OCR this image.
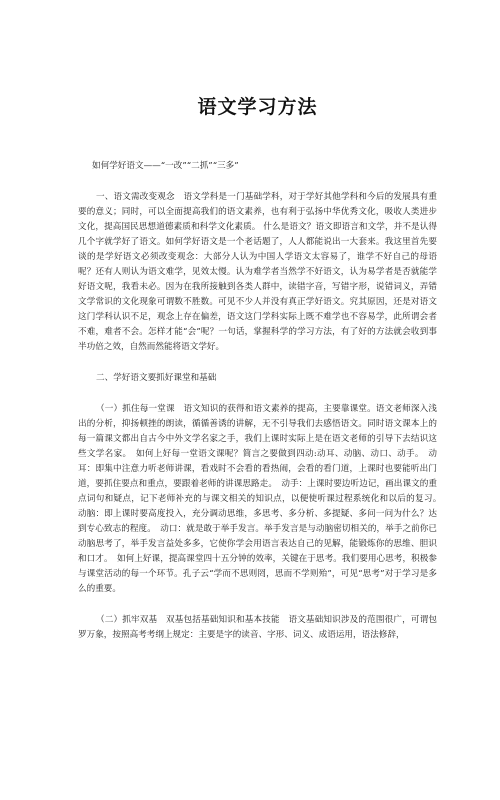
语文学习方法
如何学好语文——“一改”“二抓”“三多”

一、语文需改变观念　语文学科是一门基础学科，对于学好其他学科和今后的发展具有重要的意义；同时，可以全面提高我们的语文素养，也有利于弘扬中华优秀文化，吸收人类进步文化，提高国民思想道德素质和科学文化素质。 什么是语文？语文即语言和文学，并不是认得几个字就学好了语文。如何学好语文是一个老话题了，人人都能说出一大套来。我这里首先要谈的是学好语文必须改变观念：大部分人认为中国人学语文太容易了，谁学不好自己的母语呢？还有人则认为语文难学，见效太慢。认为难学者当然学不好语文，认为易学者是否就能学好语文呢，我看未必。因为在我所接触到各类人群中，读错字音，写错字形，说错词义，弄错文学常识的文化现象可谓数不胜数。可见不少人并没有真正学好语文。究其原因，还是对语文这门学科认识不足，观念上存在偏差，语文这门学科实际上既不难学也不容易学，此所谓会者不难，难者不会。怎样才能“会”呢？一句话，掌握科学的学习方法，有了好的方法就会收到事半功倍之效，自然而然能将语文学好。

二、学好语文要抓好课堂和基础

（一）抓住每一堂课　语文知识的获得和语文素养的提高，主要靠课堂。语文老师深入浅出的分析，抑扬顿挫的朗读，循循善诱的讲解，无不引导我们去感悟语文。同时语文课本上的每一篇课文都出自古今中外文学名家之手，我们上课时实际上是在语文老师的引导下去结识这些文学名家。　如何上好每一堂语文课呢？简言之要做到四动:动耳、动脑、动口、动手。　动耳：即集中注意力听老师讲课，看戏时不会看的看热闹，会看的看门道，上课时也要能听出门道，要抓住要点和重点，要跟着老师的讲课思路走。　动手：上课时要边听边记，画出课文的重点词句和疑点，记下老师补充的与课文相关的知识点，以便使听课过程系统化和以后的复习。　动脑：即上课时要高度投入，充分调动思维，多思考、多分析、多提疑、多问一问为什么？达到专心致志的程度。　动口：就是敢于举手发言。举手发言是与动脑密切相关的，举手之前你已动脑思考了，举手发言益处多多，它使你学会用语言表达自己的见解，能锻炼你的思维、胆识和口才。　如何上好课，提高课堂四十五分钟的效率，关键在于思考。我们要用心思考，积极参与课堂活动的每一个环节。孔子云“学而不思则罔，思而不学则殆”，可见“思考”对于学习是多么的重要。

（二）抓牢双基　双基包括基础知识和基本技能　语文基础知识涉及的范围很广，可谓包罗万象，按照高考考纲上规定：主要是字的读音、字形、词义、成语运用，语法修辞，
